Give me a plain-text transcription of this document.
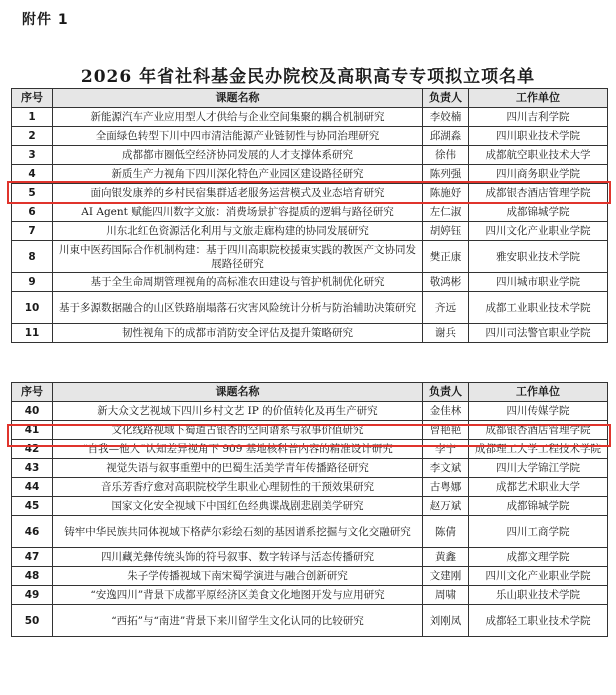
附件 1
2026 年省社科基金民办院校及高职高专专项拟立项名单
序号	课题名称	负责人	工作单位
1	新能源汽车产业应用型人才供给与企业空间集聚的耦合机制研究	李姣楠	四川吉利学院
2	全面绿色转型下川中四市清洁能源产业链韧性与协同治理研究	邱湖淼	四川职业技术学院
3	成都都市圈低空经济协同发展的人才支撑体系研究	徐伟	成都航空职业技术大学
4	新质生产力视角下四川深化特色产业园区建设路径研究	陈列强	四川商务职业学院
5	面向银发康养的乡村民宿集群适老服务运营模式及业态培育研究	陈施妤	成都银杏酒店管理学院
6	AI Agent 赋能四川数字文旅：消费场景扩容提质的逻辑与路径研究	左仁淑	成都锦城学院
7	川东北红色资源活化利用与文旅走廊构建的协同发展研究	胡婷钰	四川文化产业职业学院
8	川東中医药国际合作机制构建：基于四川高职院校援東实践的教医产文协同发展路径研究	樊正康	雅安职业技术学院
9	基于全生命周期管理视角的高标准农田建设与管护机制优化研究	敬鸿彬	四川城市职业学院
10	基于多源数据融合的山区铁路崩塌落石灾害风险统计分析与防治辅助决策研究	齐远	成都工业职业技术学院
11	韧性视角下的成都市消防安全评估及提升策略研究	谢兵	四川司法警官职业学院
序号	课题名称	负责人	工作单位
40	新大众文艺视域下四川乡村文艺 IP 的价值转化及再生产研究	金佳林	四川传媒学院
41	文化线路视域下蜀道古银杏的空间谱系与叙事价值研究	曾艳艳	成都银杏酒店管理学院
42	“自我—他人”认知差异视角下 909 基地核科普内容的精准设计研究	李宁	成都理工大学工程技术学院
43	视觉失语与叙事重塑中的巴蜀生活美学青年传播路径研究	李文斌	四川大学锦江学院
44	音乐芳香疗愈对高职院校学生职业心理韧性的干预效果研究	古粤娜	成都艺术职业大学
45	国家文化安全视域下中国红色经典谍战剧悲剧美学研究	赵万斌	成都锦城学院
46	铸牢中华民族共同体视域下格萨尔彩绘石刻的基因谱系挖掘与文化交融研究	陈倩	四川工商学院
47	四川藏羌彝传统头饰的符号叙事、数字转译与活态传播研究	黄鑫	成都文理学院
48	朱子学传播视域下南宋蜀学演进与融合创新研究	文建刚	四川文化产业职业学院
49	“安逸四川”背景下成都平原经济区美食文化地图开发与应用研究	周啸	乐山职业技术学院
50	“西拓”与“南进”背景下来川留学生文化认同的比较研究	刘刚凤	成都轻工职业技术学院
